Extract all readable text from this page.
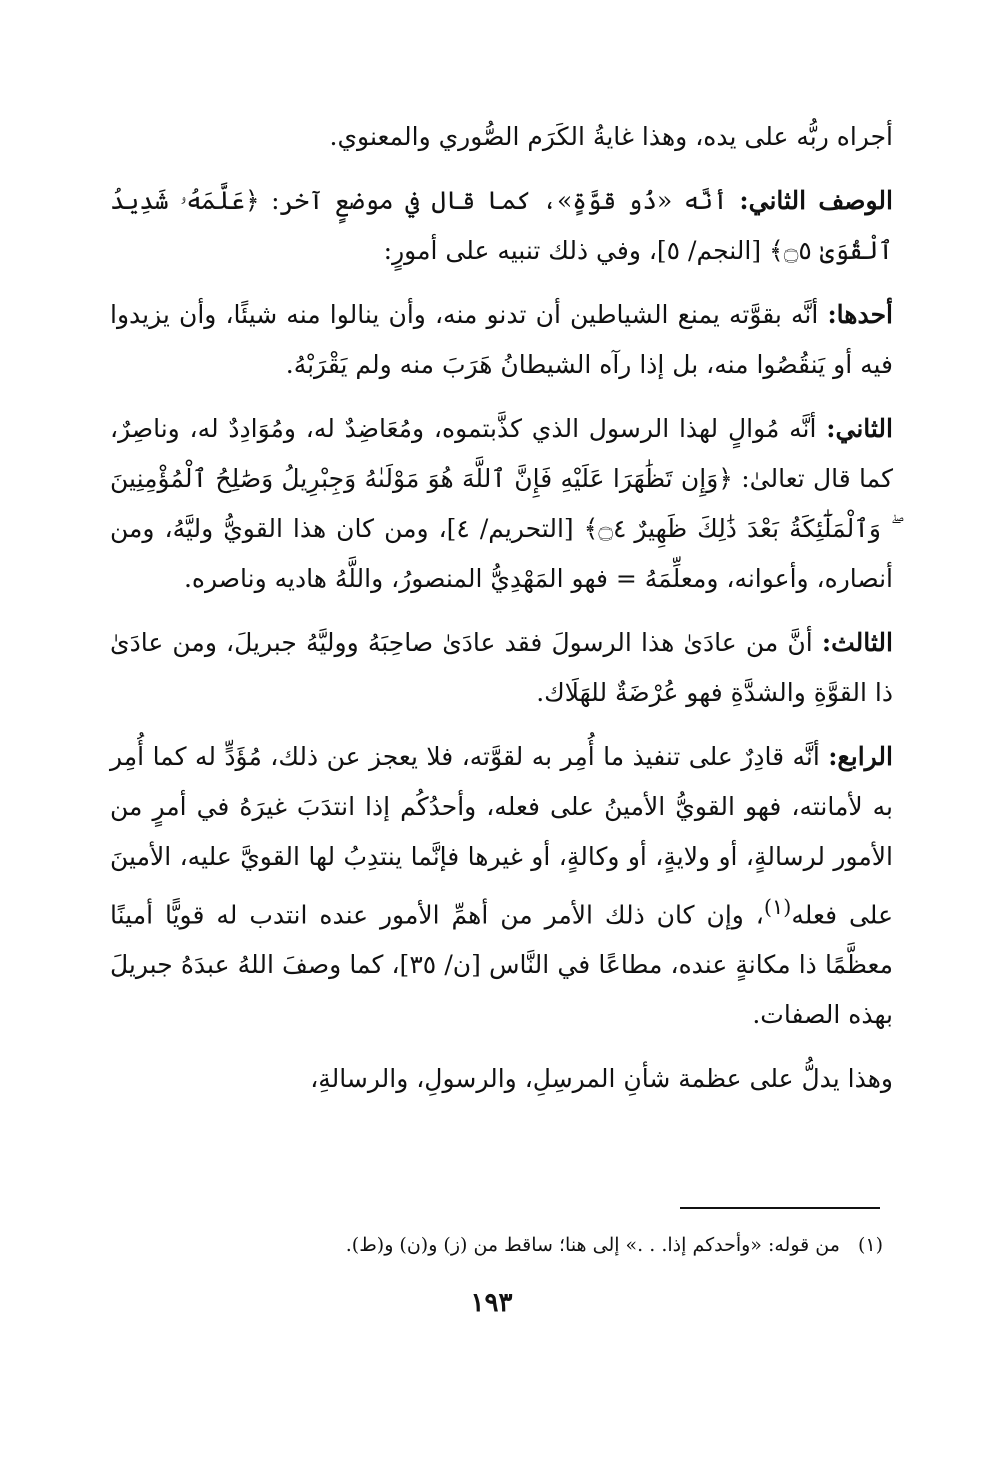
أجراه ربُّه على يده، وهذا غايةُ الكَرَم الصُّوري والمعنوي.

الوصف الثاني: أنَّه «ذُو قوَّةٍ»، كما قال في موضعٍ آخر: ﴿عَلَّمَهُۥ شَدِيدُ ٱلْقُوَىٰ ۝٥﴾ [النجم/ ٥]، وفي ذلك تنبيه على أمورٍ:

أحدها: أنَّه بقوَّته يمنع الشياطين أن تدنو منه، وأن ينالوا منه شيئًا، وأن يزيدوا فيه أو يَنقُصُوا منه، بل إذا رآه الشيطانُ هَرَبَ منه ولم يَقْرَبْهُ.

الثاني: أنَّه مُوالٍ لهذا الرسول الذي كذَّبتموه، ومُعَاضِدٌ له، ومُوَادِدٌ له، وناصِرٌ، كما قال تعالىٰ: ﴿وَإِن تَظَٰهَرَا عَلَيْهِ فَإِنَّ ٱللَّهَ هُوَ مَوْلَىٰهُ وَجِبْرِيلُ وَصَٰلِحُ ٱلْمُؤْمِنِينَ ۖ وَٱلْمَلَٰٓئِكَةُ بَعْدَ ذَٰلِكَ ظَهِيرٌ ۝٤﴾ [التحريم/ ٤]، ومن كان هذا القويُّ وليَّهُ، ومن أنصاره، وأعوانه، ومعلِّمَهُ = فهو المَهْدِيُّ المنصورُ، واللَّهُ هاديه وناصره.

الثالث: أنَّ من عادَىٰ هذا الرسولَ فقد عادَىٰ صاحِبَهُ ووليَّهُ جبريلَ، ومن عادَىٰ ذا القوَّةِ والشدَّةِ فهو عُرْضَةٌ للهَلَاك.

الرابع: أنَّه قادِرٌ على تنفيذ ما أُمِر به لقوَّته، فلا يعجز عن ذلك، مُؤَدٍّ له كما أُمِر به لأمانته، فهو القويُّ الأمينُ على فعله، وأحدُكُم إذا انتدَبَ غيرَهُ في أمرٍ من الأمور لرسالةٍ، أو ولايةٍ، أو وكالةٍ، أو غيرها فإنَّما ينتدِبُ لها القويَّ عليه، الأمينَ على فعله$^{(١)}$، وإن كان ذلك الأمر من أهمِّ الأمور عنده انتدب له قويًّا أمينًا معظَّمًا ذا مكانةٍ عنده، مطاعًا في النَّاس [ن/ ٣٥]، كما وصفَ اللهُ عبدَهُ جبريلَ بهذه الصفات.

وهذا يدلُّ على عظمة شأنِ المرسِلِ، والرسولِ، والرسالةِ،

(١)من قوله: «وأحدكم إذا. . .» إلى هنا؛ ساقط من (ز) و(ن) و(ط).
١٩٣
